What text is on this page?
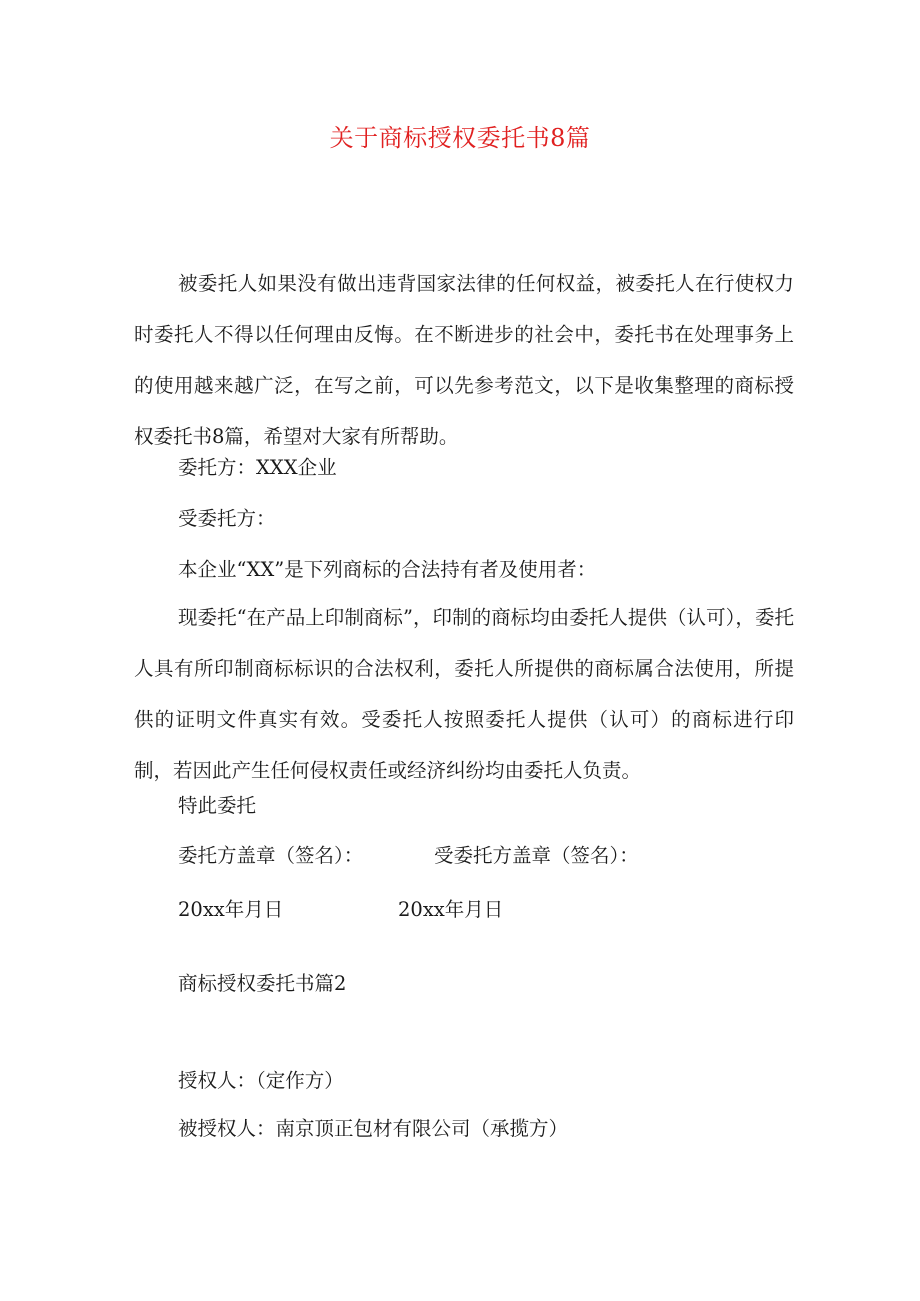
关于商标授权委托书8篇
被委托人如果没有做出违背国家法律的任何权益，被委托人在行使权力时委托人不得以任何理由反悔。在不断进步的社会中，委托书在处理事务上的使用越来越广泛，在写之前，可以先参考范文，以下是收集整理的商标授权委托书8篇，希望对大家有所帮助。
委托方：XXX企业
受委托方：
本企业“XX”是下列商标的合法持有者及使用者：
现委托“在产品上印制商标”，印制的商标均由委托人提供（认可），委托人具有所印制商标标识的合法权利，委托人所提供的商标属合法使用，所提供的证明文件真实有效。受委托人按照委托人提供（认可）的商标进行印制，若因此产生任何侵权责任或经济纠纷均由委托人负责。
特此委托
委托方盖章（签名）：	受委托方盖章（签名）：
20xx年月日	20xx年月日
商标授权委托书篇2
授权人：（定作方）
被授权人：南京顶正包材有限公司（承揽方）
